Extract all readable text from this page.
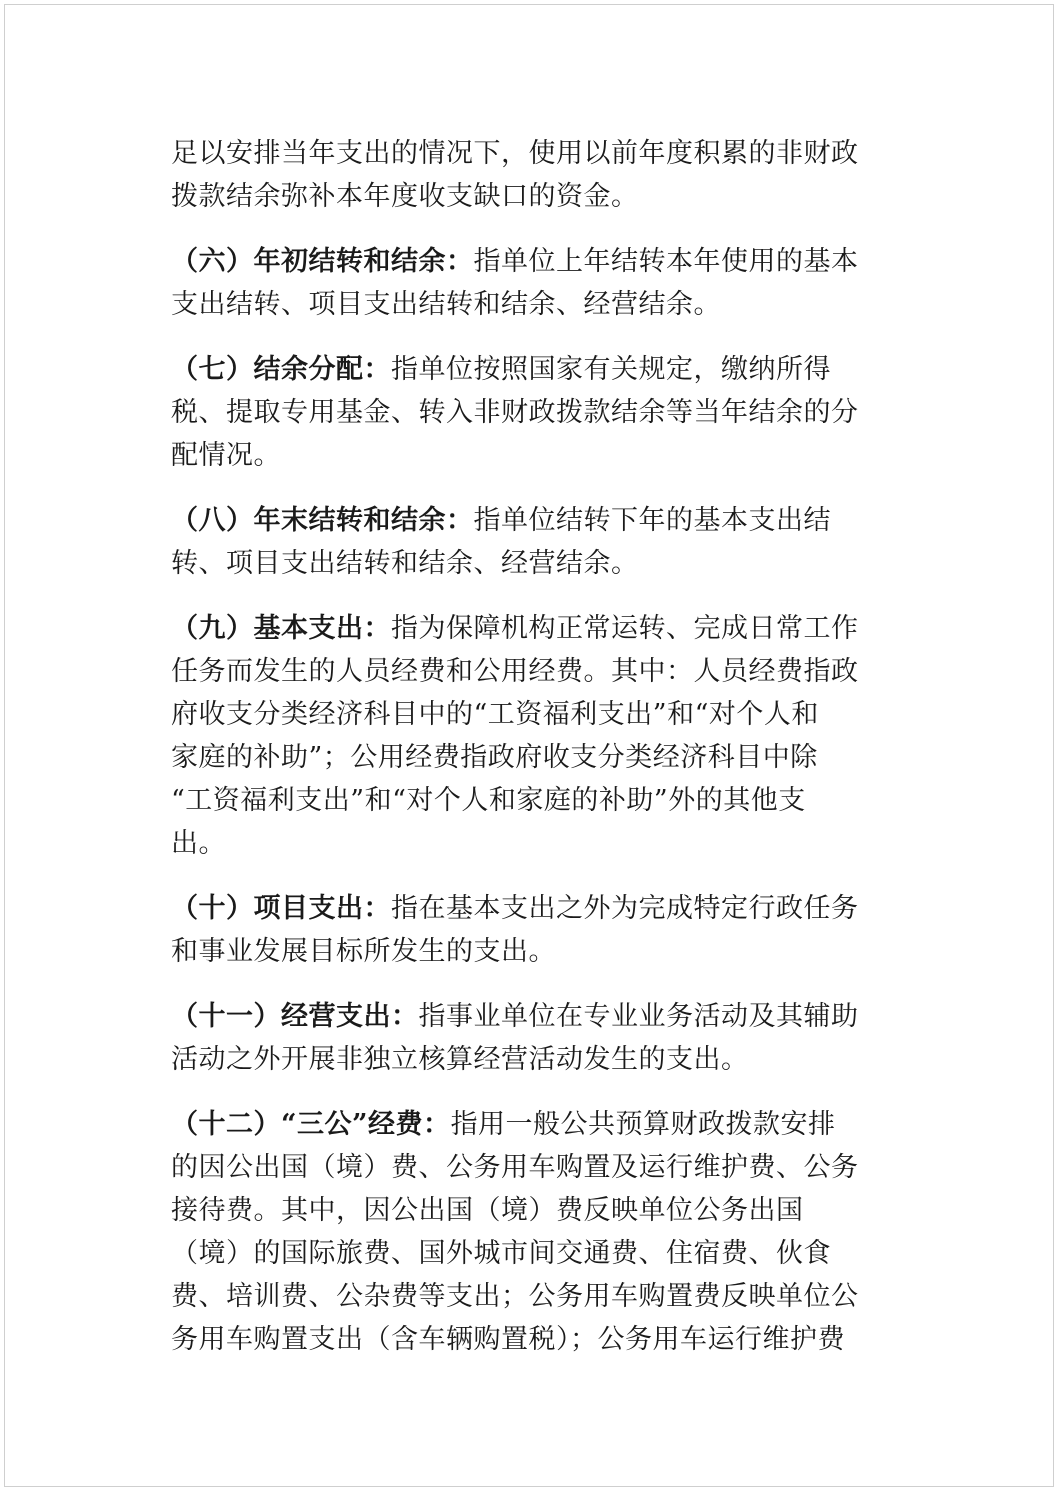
足以安排当年支出的情况下，使用以前年度积累的非财政
拨款结余弥补本年度收支缺口的资金。
（六）年初结转和结余：指单位上年结转本年使用的基本
支出结转、项目支出结转和结余、经营结余。
（七）结余分配：指单位按照国家有关规定，缴纳所得
税、提取专用基金、转入非财政拨款结余等当年结余的分
配情况。
（八）年末结转和结余：指单位结转下年的基本支出结
转、项目支出结转和结余、经营结余。
（九）基本支出：指为保障机构正常运转、完成日常工作
任务而发生的人员经费和公用经费。其中：人员经费指政
府收支分类经济科目中的“工资福利支出”和“对个人和
家庭的补助”；公用经费指政府收支分类经济科目中除
“工资福利支出”和“对个人和家庭的补助”外的其他支
出。
（十）项目支出：指在基本支出之外为完成特定行政任务
和事业发展目标所发生的支出。
（十一）经营支出：指事业单位在专业业务活动及其辅助
活动之外开展非独立核算经营活动发生的支出。
（十二）“三公”经费：指用一般公共预算财政拨款安排
的因公出国（境）费、公务用车购置及运行维护费、公务
接待费。其中，因公出国（境）费反映单位公务出国
（境）的国际旅费、国外城市间交通费、住宿费、伙食
费、培训费、公杂费等支出；公务用车购置费反映单位公
务用车购置支出（含车辆购置税）；公务用车运行维护费
